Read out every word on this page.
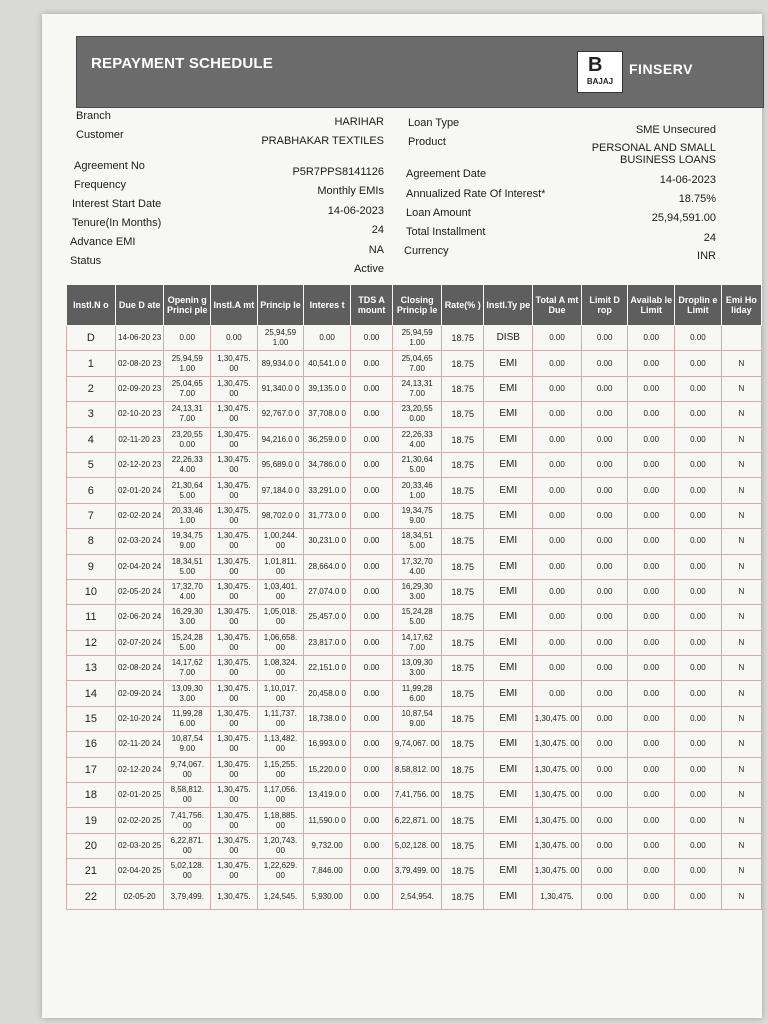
REPAYMENT SCHEDULE	B
BAJAJ
FINSERV
Branch	HARIHAR
Customer	PRABHAKAR TEXTILES
Agreement No	P5R7PPS8141126
Frequency	Monthly EMIs
Interest Start Date
14-06-2023
Tenure(In Months)
24
Advance EMI
NA
Status
Active
Loan Type
SME Unsecured
Product	PERSONAL AND SMALL
BUSINESS LOANS
Agreement Date	14-06-2023
Annualized Rate Of Interest*	18.75%
Loan Amount	25,94,591.00
Total Installment	24
Currency	INR
Instl.N o	Due D ate	Openin g Princi ple	Instl.A mt	Princip le	Interes t	TDS A mount	Closing Princip le	Rate(% )	Instl.Ty pe	Total A mt Due	Limit D rop	Availab le Limit	Droplin e Limit	Emi Ho liday
D	14-06-20 23	0.00	0.00	25,94,59 1.00	0.00	0.00	25,94,59 1.00	18.75	DISB	0.00	0.00	0.00	0.00	
1	02-08-20 23	25,94,59 1.00	1,30,475. 00	89,934.0 0	40,541.0 0	0.00	25,04,65 7.00	18.75	EMI	0.00	0.00	0.00	0.00	N
2	02-09-20 23	25,04,65 7.00	1,30,475. 00	91,340.0 0	39,135.0 0	0.00	24,13,31 7.00	18.75	EMI	0.00	0.00	0.00	0.00	N
3	02-10-20 23	24,13,31 7.00	1,30,475. 00	92,767.0 0	37,708.0 0	0.00	23,20,55 0.00	18.75	EMI	0.00	0.00	0.00	0.00	N
4	02-11-20 23	23,20,55 0.00	1,30,475. 00	94,216.0 0	36,259.0 0	0.00	22,26,33 4.00	18.75	EMI	0.00	0.00	0.00	0.00	N
5	02-12-20 23	22,26,33 4.00	1,30,475. 00	95,689.0 0	34,786.0 0	0.00	21,30,64 5.00	18.75	EMI	0.00	0.00	0.00	0.00	N
6	02-01-20 24	21,30,64 5.00	1,30,475. 00	97,184.0 0	33,291.0 0	0.00	20,33,46 1.00	18.75	EMI	0.00	0.00	0.00	0.00	N
7	02-02-20 24	20,33,46 1.00	1,30,475. 00	98,702.0 0	31,773.0 0	0.00	19,34,75 9.00	18.75	EMI	0.00	0.00	0.00	0.00	N
8	02-03-20 24	19,34,75 9.00	1,30,475. 00	1,00,244. 00	30,231.0 0	0.00	18,34,51 5.00	18.75	EMI	0.00	0.00	0.00	0.00	N
9	02-04-20 24	18,34,51 5.00	1,30,475. 00	1,01,811. 00	28,664.0 0	0.00	17,32,70 4.00	18.75	EMI	0.00	0.00	0.00	0.00	N
10	02-05-20 24	17,32,70 4.00	1,30,475. 00	1,03,401. 00	27,074.0 0	0.00	16,29,30 3.00	18.75	EMI	0.00	0.00	0.00	0.00	N
11	02-06-20 24	16,29,30 3.00	1,30,475. 00	1,05,018. 00	25,457.0 0	0.00	15,24,28 5.00	18.75	EMI	0.00	0.00	0.00	0.00	N
12	02-07-20 24	15,24,28 5.00	1,30,475. 00	1,06,658. 00	23,817.0 0	0.00	14,17,62 7.00	18.75	EMI	0.00	0.00	0.00	0.00	N
13	02-08-20 24	14,17,62 7.00	1,30,475. 00	1,08,324. 00	22,151.0 0	0.00	13,09,30 3.00	18.75	EMI	0.00	0.00	0.00	0.00	N
14	02-09-20 24	13,09,30 3.00	1,30,475. 00	1,10,017. 00	20,458.0 0	0.00	11,99,28 6.00	18.75	EMI	0.00	0.00	0.00	0.00	N
15	02-10-20 24	11,99,28 6.00	1,30,475. 00	1,11,737. 00	18,738.0 0	0.00	10,87,54 9.00	18.75	EMI	1,30,475. 00	0.00	0.00	0.00	N
16	02-11-20 24	10,87,54 9.00	1,30,475. 00	1,13,482. 00	16,993.0 0	0.00	9,74,067. 00	18.75	EMI	1,30,475. 00	0.00	0.00	0.00	N
17	02-12-20 24	9,74,067. 00	1,30,475. 00	1,15,255. 00	15,220.0 0	0.00	8,58,812. 00	18.75	EMI	1,30,475. 00	0.00	0.00	0.00	N
18	02-01-20 25	8,58,812. 00	1,30,475. 00	1,17,056. 00	13,419.0 0	0.00	7,41,756. 00	18.75	EMI	1,30,475. 00	0.00	0.00	0.00	N
19	02-02-20 25	7,41,756. 00	1,30,475. 00	1,18,885. 00	11,590.0 0	0.00	6,22,871. 00	18.75	EMI	1,30,475. 00	0.00	0.00	0.00	N
20	02-03-20 25	6,22,871. 00	1,30,475. 00	1,20,743. 00	9,732.00	0.00	5,02,128. 00	18.75	EMI	1,30,475. 00	0.00	0.00	0.00	N
21	02-04-20 25	5,02,128. 00	1,30,475. 00	1,22,629. 00	7,846.00	0.00	3,79,499. 00	18.75	EMI	1,30,475. 00	0.00	0.00	0.00	N
22	02-05-20	3,79,499.	1,30,475.	1,24,545.	5,930.00	0.00	2,54,954.	18.75	EMI	1,30,475.	0.00	0.00	0.00	N
